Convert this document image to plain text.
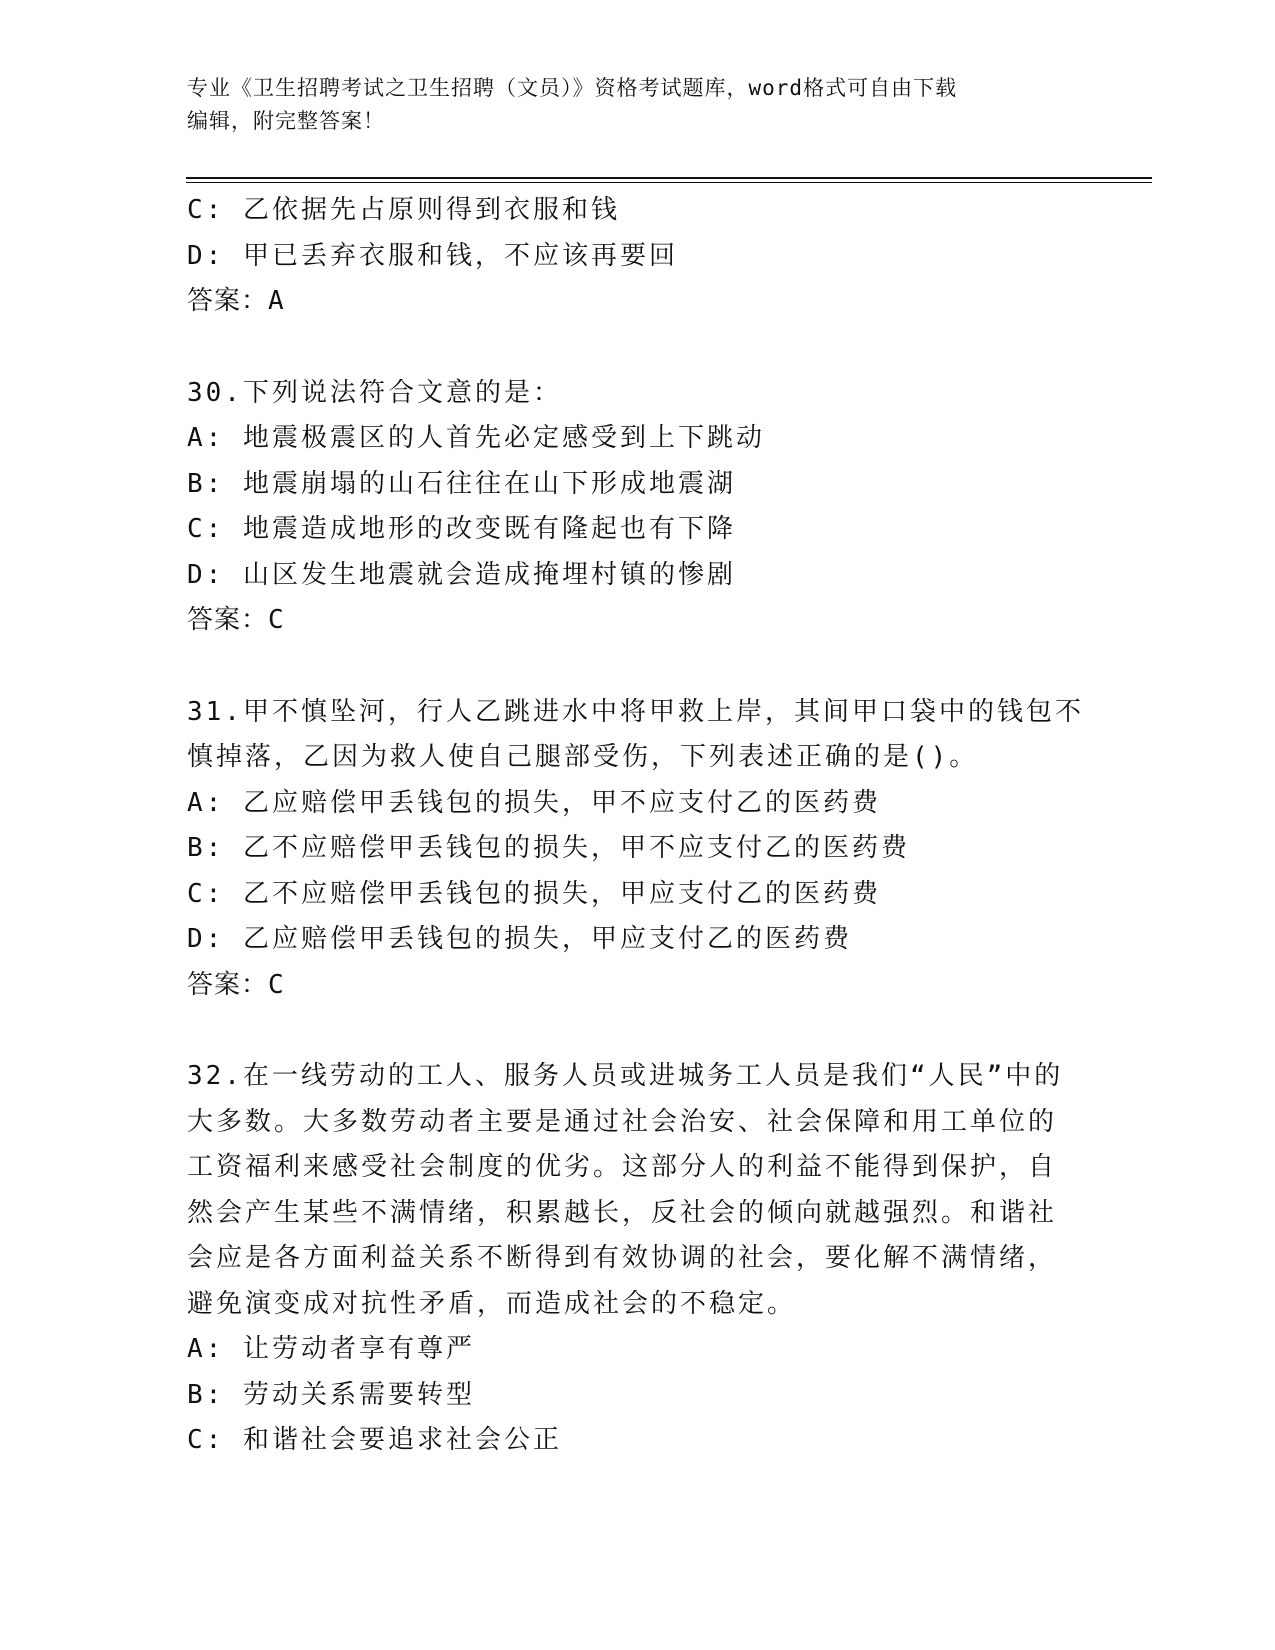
专业《卫生招聘考试之卫生招聘（文员）》资格考试题库，word格式可自由下载
编辑，附完整答案！
C: 乙依据先占原则得到衣服和钱
D: 甲已丢弃衣服和钱，不应该再要回
答案：A
30.下列说法符合文意的是：
A: 地震极震区的人首先必定感受到上下跳动
B: 地震崩塌的山石往往在山下形成地震湖
C: 地震造成地形的改变既有隆起也有下降
D: 山区发生地震就会造成掩埋村镇的惨剧
答案：C
31.甲不慎坠河，行人乙跳进水中将甲救上岸，其间甲口袋中的钱包不
慎掉落，乙因为救人使自己腿部受伤，下列表述正确的是()。
A: 乙应赔偿甲丢钱包的损失，甲不应支付乙的医药费
B: 乙不应赔偿甲丢钱包的损失，甲不应支付乙的医药费
C: 乙不应赔偿甲丢钱包的损失，甲应支付乙的医药费
D: 乙应赔偿甲丢钱包的损失，甲应支付乙的医药费
答案：C
32.在一线劳动的工人、服务人员或进城务工人员是我们“人民”中的
大多数。大多数劳动者主要是通过社会治安、社会保障和用工单位的
工资福利来感受社会制度的优劣。这部分人的利益不能得到保护，自
然会产生某些不满情绪，积累越长，反社会的倾向就越强烈。和谐社
会应是各方面利益关系不断得到有效协调的社会，要化解不满情绪，
避免演变成对抗性矛盾，而造成社会的不稳定。
A: 让劳动者享有尊严
B: 劳动关系需要转型
C: 和谐社会要追求社会公正
